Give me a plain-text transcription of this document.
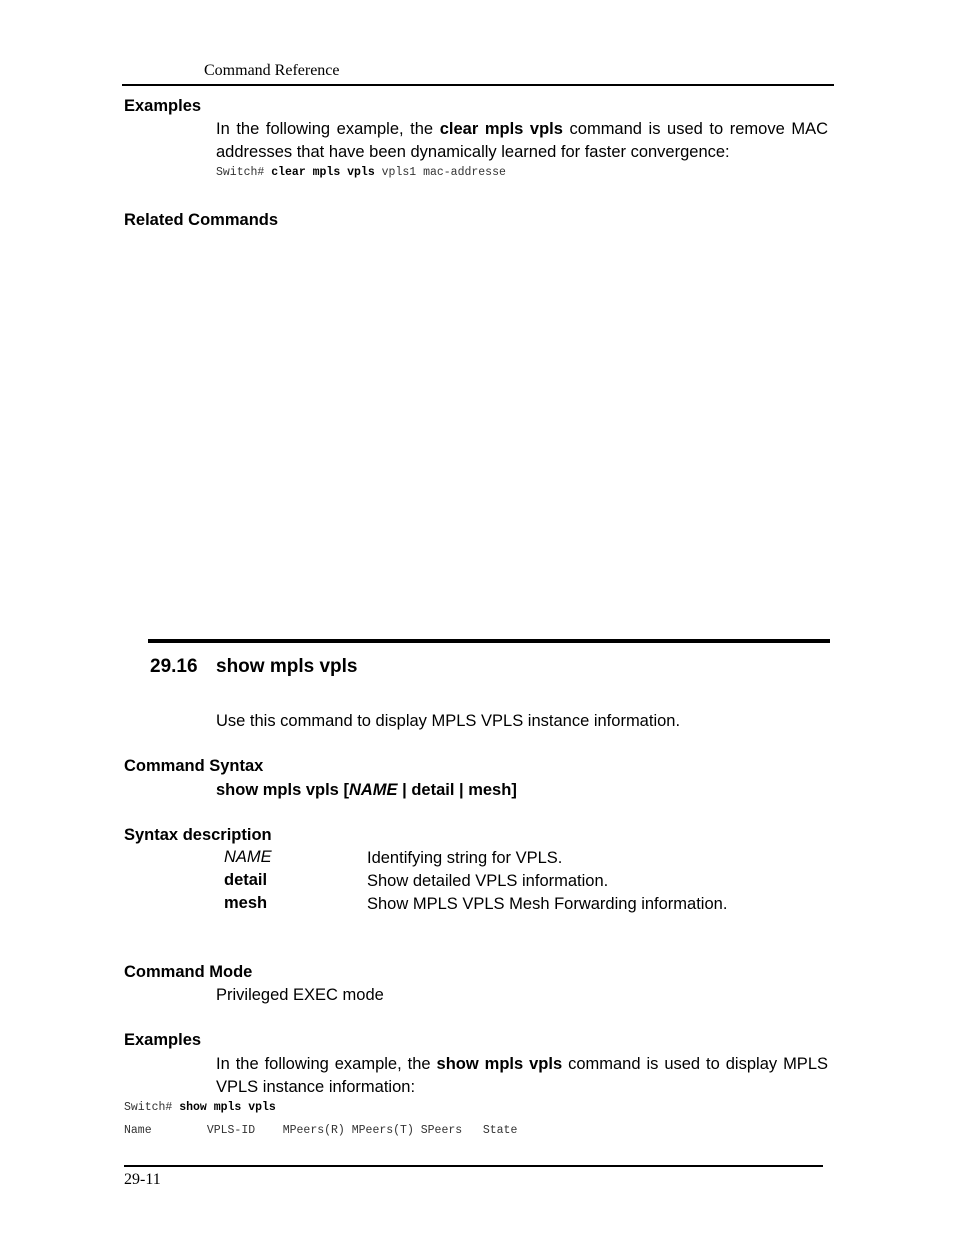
Command Reference
Examples
In the following example, the clear mpls vpls command is used to remove MAC addresses that have been dynamically learned for faster convergence:
Switch# clear mpls vpls vpls1 mac-addresse
Related Commands
29.16 show mpls vpls
Use this command to display MPLS VPLS instance information.
Command Syntax
show mpls vpls [NAME | detail | mesh]
Syntax description
NAME	Identifying string for VPLS.
detail	Show detailed VPLS information.
mesh	Show MPLS VPLS Mesh Forwarding information.
Command Mode
Privileged EXEC mode
Examples
In the following example, the show mpls vpls command is used to display MPLS VPLS instance information:
Switch# show mpls vpls
Name        VPLS-ID    MPeers(R) MPeers(T) SPeers   State
29-11
